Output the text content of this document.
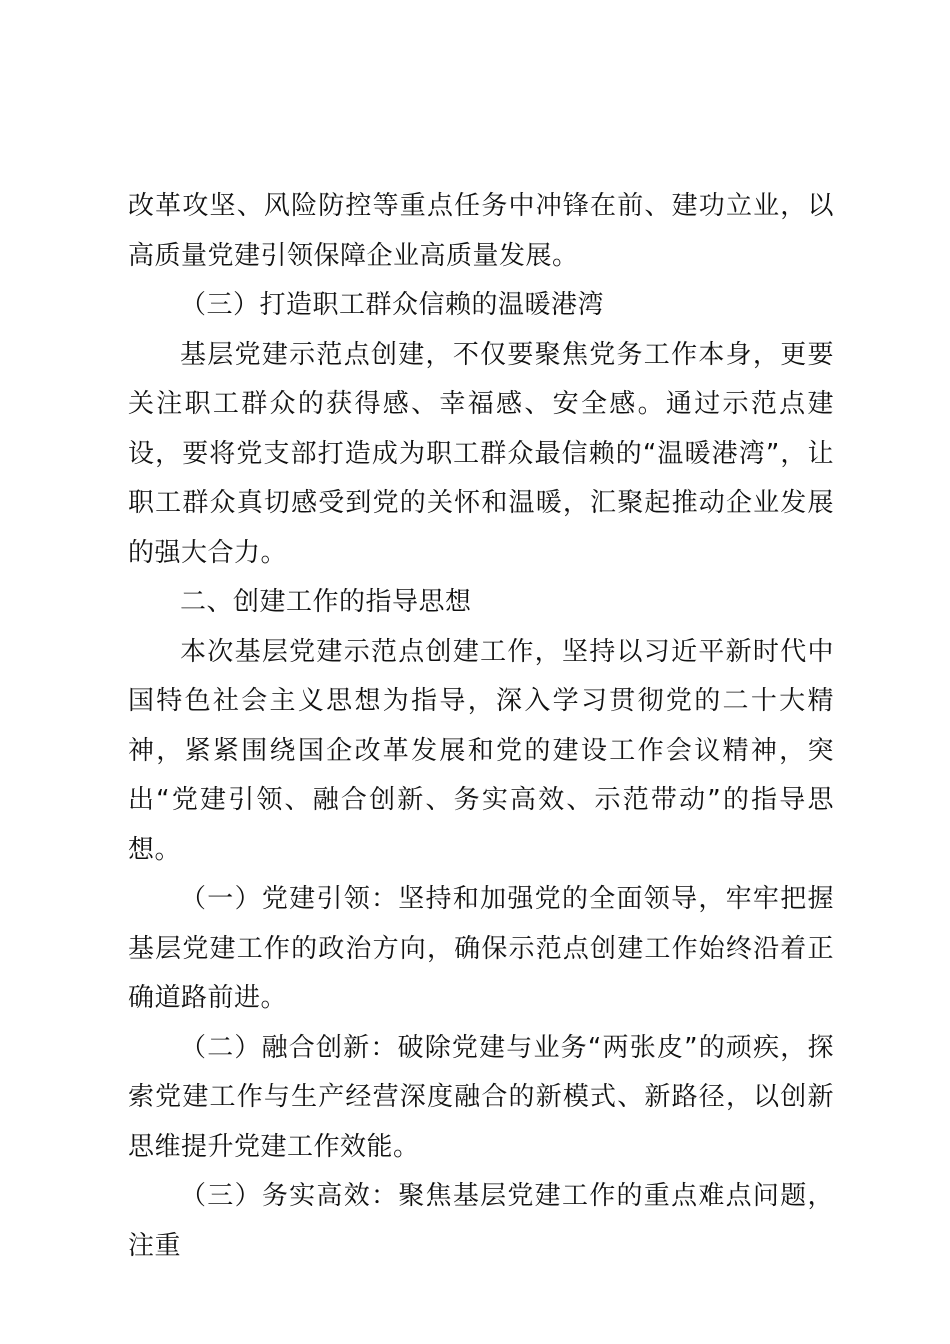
改革攻坚、风险防控等重点任务中冲锋在前、建功立业，以高质量党建引领保障企业高质量发展。

（三）打造职工群众信赖的温暖港湾

基层党建示范点创建，不仅要聚焦党务工作本身，更要关注职工群众的获得感、幸福感、安全感。通过示范点建设，要将党支部打造成为职工群众最信赖的“温暖港湾”，让职工群众真切感受到党的关怀和温暖，汇聚起推动企业发展的强大合力。

二、创建工作的指导思想

本次基层党建示范点创建工作，坚持以习近平新时代中国特色社会主义思想为指导，深入学习贯彻党的二十大精神，紧紧围绕国企改革发展和党的建设工作会议精神，突出“党建引领、融合创新、务实高效、示范带动”的指导思想。

（一）党建引领：坚持和加强党的全面领导，牢牢把握基层党建工作的政治方向，确保示范点创建工作始终沿着正确道路前进。

（二）融合创新：破除党建与业务“两张皮”的顽疾，探索党建工作与生产经营深度融合的新模式、新路径，以创新思维提升党建工作效能。

（三）务实高效：聚焦基层党建工作的重点难点问题，注重
